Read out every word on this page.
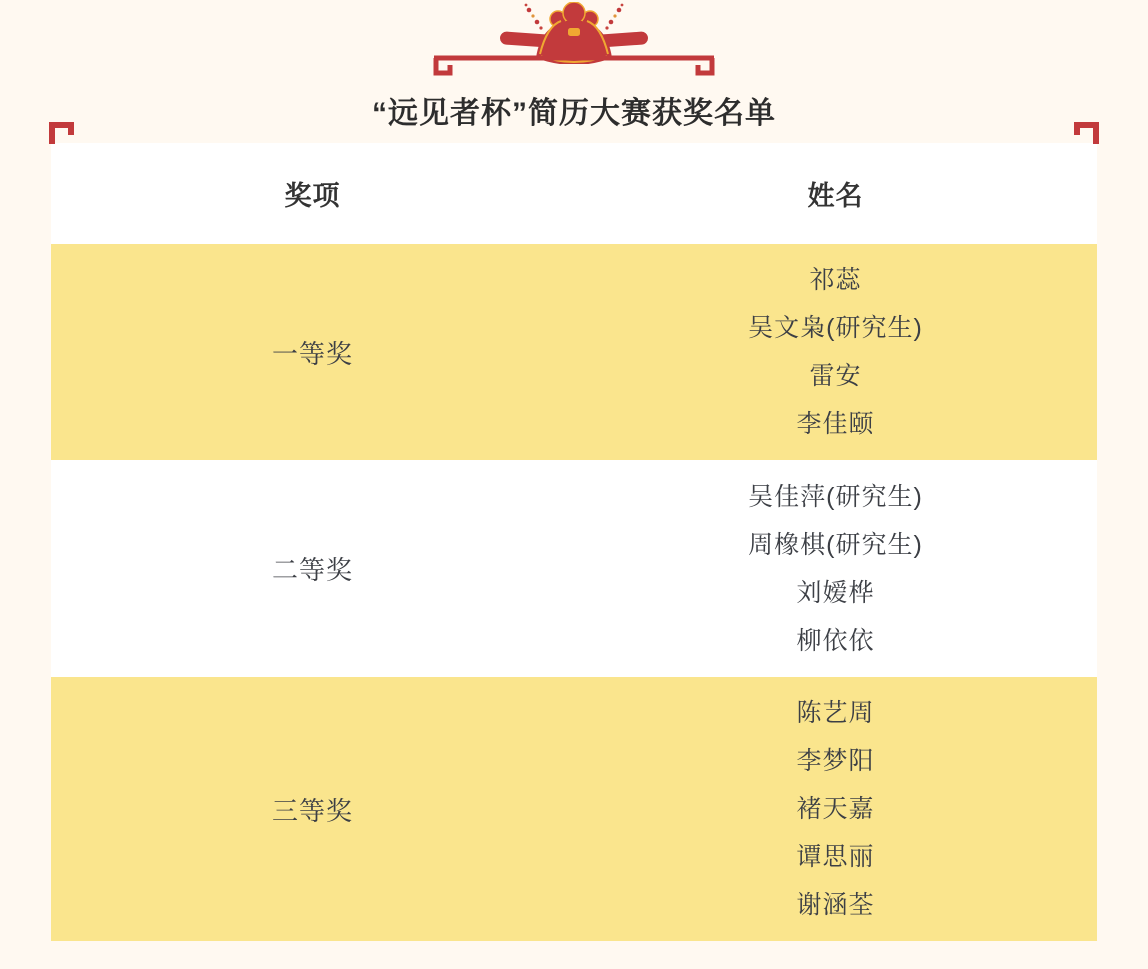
“远见者杯”简历大赛获奖名单
奖项	姓名
一等奖
祁蕊
吴文枭(研究生)
雷安
李佳颐
二等奖
吴佳萍(研究生)
周橡棋(研究生)
刘嫒桦
柳依依
三等奖
陈艺周
李梦阳
褚天嘉
谭思丽
谢涵荃
